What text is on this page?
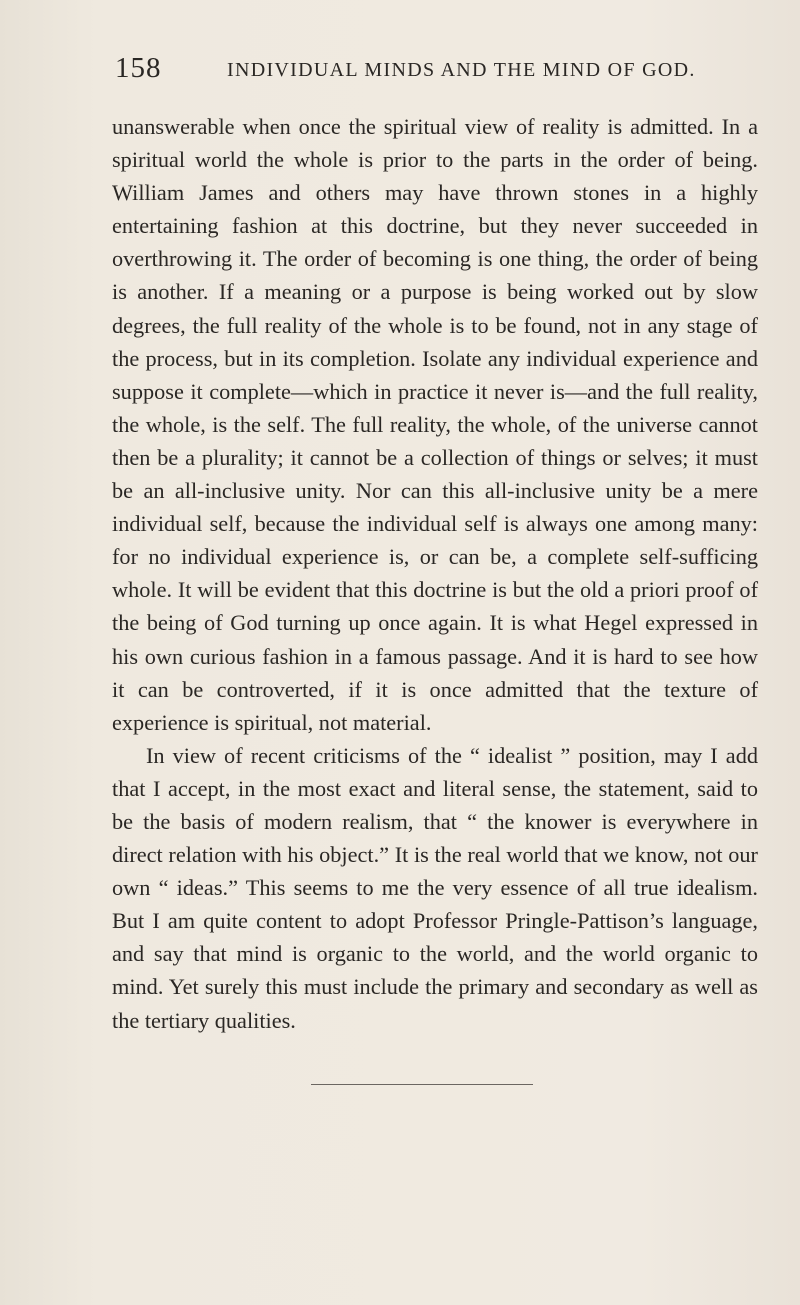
158	INDIVIDUAL MINDS AND THE MIND OF GOD.

unanswerable when once the spiritual view of reality is admitted. In a spiritual world the whole is prior to the parts in the order of being. William James and others may have thrown stones in a highly entertaining fashion at this doctrine, but they never succeeded in overthrowing it. The order of becoming is one thing, the order of being is another. If a meaning or a purpose is being worked out by slow degrees, the full reality of the whole is to be found, not in any stage of the process, but in its completion. Isolate any individual experience and suppose it complete—which in practice it never is—and the full reality, the whole, is the self. The full reality, the whole, of the universe cannot then be a plurality; it cannot be a collection of things or selves; it must be an all-inclusive unity. Nor can this all-inclusive unity be a mere individual self, because the individual self is always one among many: for no individual experience is, or can be, a complete self-sufficing whole. It will be evident that this doctrine is but the old a priori proof of the being of God turning up once again. It is what Hegel expressed in his own curious fashion in a famous passage. And it is hard to see how it can be controverted, if it is once admitted that the texture of experience is spiritual, not material.

In view of recent criticisms of the “ idealist ” position, may I add that I accept, in the most exact and literal sense, the statement, said to be the basis of modern realism, that “ the knower is everywhere in direct relation with his object.” It is the real world that we know, not our own “ ideas.” This seems to me the very essence of all true idealism. But I am quite content to adopt Professor Pringle-Pattison’s language, and say that mind is organic to the world, and the world organic to mind. Yet surely this must include the primary and secondary as well as the tertiary qualities.
